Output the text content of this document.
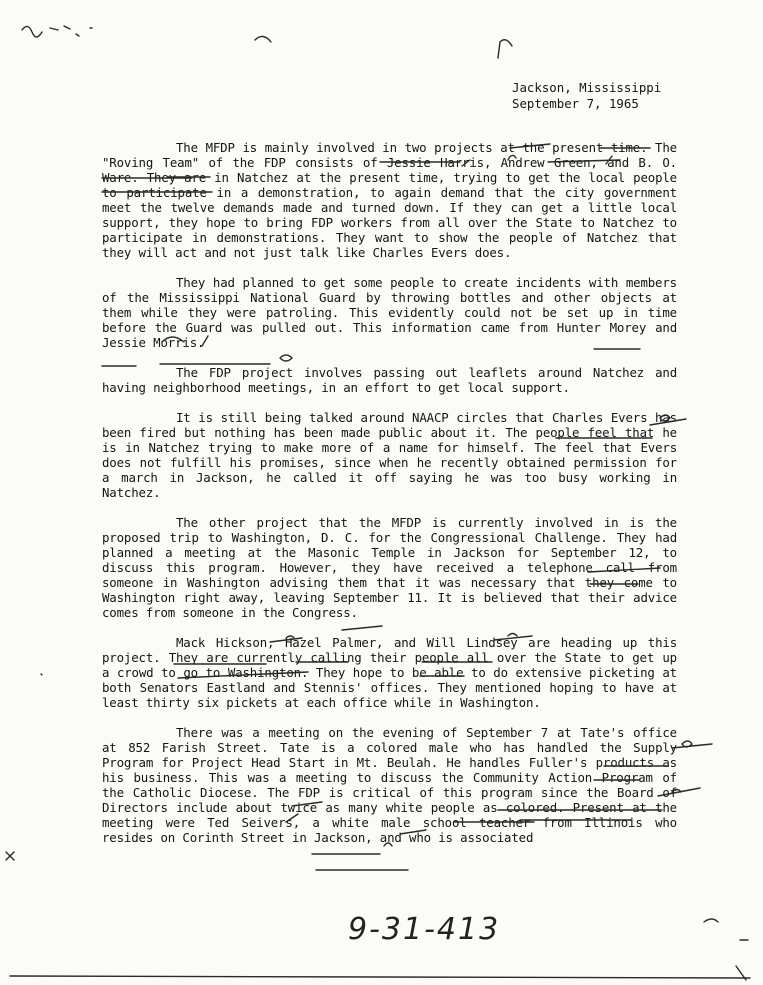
Jackson, Mississippi
September 7, 1965

The MFDP is mainly involved in two projects at the present time. The "Roving Team" of the FDP consists of Jessie Harris, Andrew Green, and B. O. Ware. They are in Natchez at the present time, trying to get the local people to participate in a demonstration, to again demand that the city government meet the twelve demands made and turned down. If they can get a little local support, they hope to bring FDP workers from all over the State to Natchez to participate in demonstrations. They want to show the people of Natchez that they will act and not just talk like Charles Evers does.

They had planned to get some people to create incidents with members of the Mississippi National Guard by throwing bottles and other objects at them while they were patroling. This evidently could not be set up in time before the Guard was pulled out. This information came from Hunter Morey and Jessie Morris.

The FDP project involves passing out leaflets around Natchez and having neighborhood meetings, in an effort to get local support.

It is still being talked around NAACP circles that Charles Evers has been fired but nothing has been made public about it. The people feel that he is in Natchez trying to make more of a name for himself. The feel that Evers does not fulfill his promises, since when he recently obtained permission for a march in Jackson, he called it off saying he was too busy working in Natchez.

The other project that the MFDP is currently involved in is the proposed trip to Washington, D. C. for the Congressional Challenge. They had planned a meeting at the Masonic Temple in Jackson for September 12, to discuss this program. However, they have received a telephone call from someone in Washington advising them that it was necessary that they come to Washington right away, leaving September 11. It is believed that their advice comes from someone in the Congress.

Mack Hickson, Hazel Palmer, and Will Lindsey are heading up this project. They are currently calling their people all over the State to get up a crowd to go to Washington. They hope to be able to do extensive picketing at both Senators Eastland and Stennis' offices. They mentioned hoping to have at least thirty six pickets at each office while in Washington.

There was a meeting on the evening of September 7 at Tate's office at 852 Farish Street. Tate is a colored male who has handled the Supply Program for Project Head Start in Mt. Beulah. He handles Fuller's products as his business. This was a meeting to discuss the Community Action Program of the Catholic Diocese. The FDP is critical of this program since the Board of Directors include about twice as many white people as colored. Present at the meeting were Ted Seivers, a white male school teacher from Illinois who resides on Corinth Street in Jackson, and who is associated

9-31-413
